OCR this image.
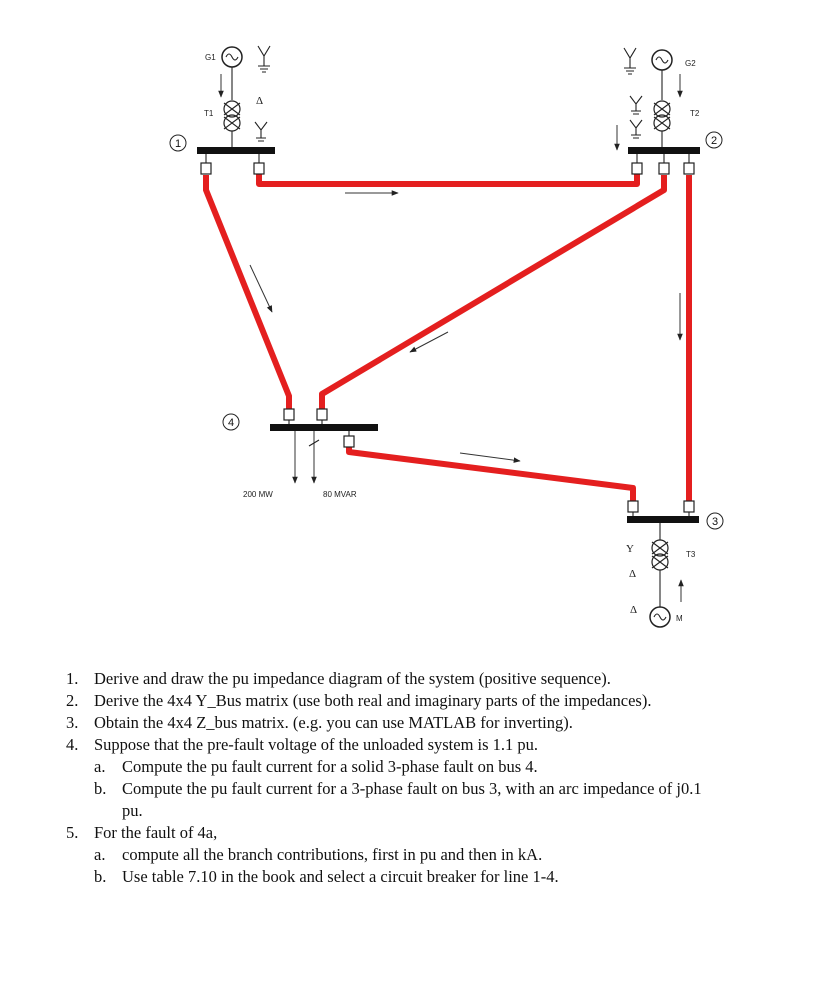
1
G1
T1
Δ
2
G2
T2
4
200 MW	80 MVAR
3
T3
Y
Δ
Δ
M
1. Derive and draw the pu impedance diagram of the system (positive sequence).
2. Derive the 4x4 Y_Bus matrix (use both real and imaginary parts of the impedances).
3. Obtain the 4x4 Z_bus matrix. (e.g. you can use MATLAB for inverting).
4. Suppose that the pre-fault voltage of the unloaded system is 1.1 pu.
a. Compute the pu fault current for a solid 3-phase fault on bus 4.
b. Compute the pu fault current for a 3-phase fault on bus 3, with an arc impedance of j0.1
pu.
5. For the fault of 4a,
a. compute all the branch contributions, first in pu and then in kA.
b. Use table 7.10 in the book and select a circuit breaker for line 1-4.
